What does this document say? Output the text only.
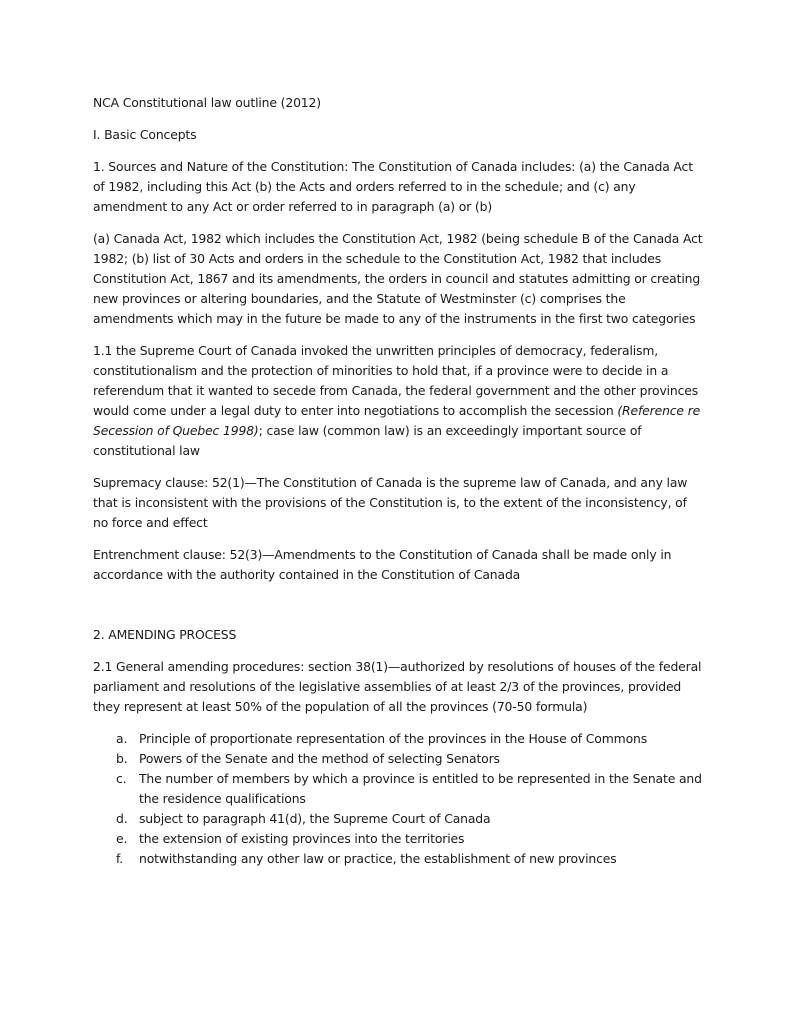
NCA Constitutional law outline (2012)

I. Basic Concepts

1. Sources and Nature of the Constitution: The Constitution of Canada includes: (a) the Canada Act of 1982, including this Act (b) the Acts and orders referred to in the schedule; and (c) any amendment to any Act or order referred to in paragraph (a) or (b)

(a) Canada Act, 1982 which includes the Constitution Act, 1982 (being schedule B of the Canada Act 1982; (b) list of 30 Acts and orders in the schedule to the Constitution Act, 1982 that includes Constitution Act, 1867 and its amendments, the orders in council and statutes admitting or creating new provinces or altering boundaries, and the Statute of Westminster (c) comprises the amendments which may in the future be made to any of the instruments in the first two categories

1.1 the Supreme Court of Canada invoked the unwritten principles of democracy, federalism, constitutionalism and the protection of minorities to hold that, if a province were to decide in a referendum that it wanted to secede from Canada, the federal government and the other provinces would come under a legal duty to enter into negotiations to accomplish the secession (Reference re Secession of Quebec 1998); case law (common law) is an exceedingly important source of constitutional law

Supremacy clause: 52(1)—The Constitution of Canada is the supreme law of Canada, and any law that is inconsistent with the provisions of the Constitution is, to the extent of the inconsistency, of no force and effect

Entrenchment clause: 52(3)—Amendments to the Constitution of Canada shall be made only in accordance with the authority contained in the Constitution of Canada

2. AMENDING PROCESS

2.1 General amending procedures: section 38(1)—authorized by resolutions of houses of the federal parliament and resolutions of the legislative assemblies of at least 2/3 of the provinces, provided they represent at least 50% of the population of all the provinces (70-50 formula)

a. Principle of proportionate representation of the provinces in the House of Commons
b. Powers of the Senate and the method of selecting Senators
c. The number of members by which a province is entitled to be represented in the Senate and the residence qualifications
d. subject to paragraph 41(d), the Supreme Court of Canada
e. the extension of existing provinces into the territories
f. notwithstanding any other law or practice, the establishment of new provinces
